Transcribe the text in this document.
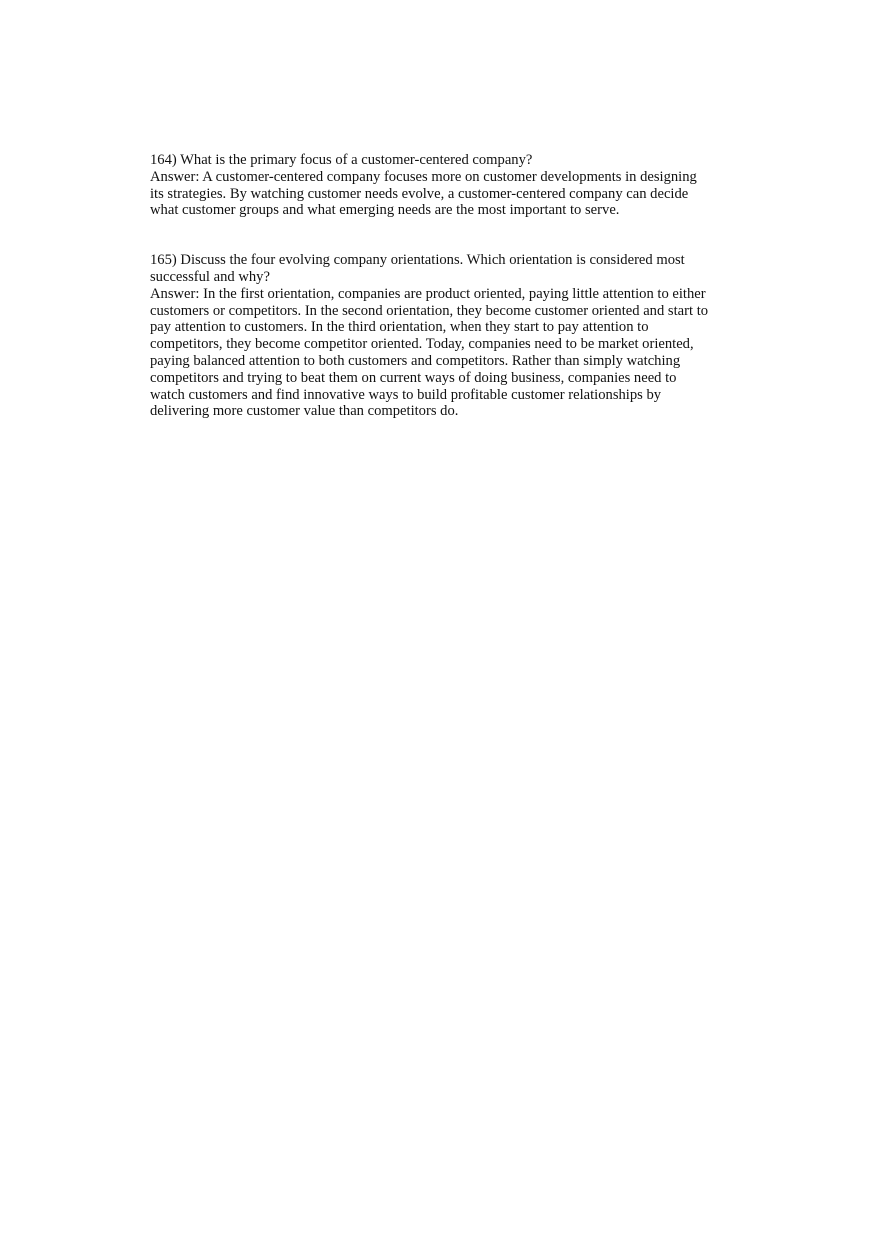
164) What is the primary focus of a customer-centered company?
Answer: A customer-centered company focuses more on customer developments in designing
its strategies. By watching customer needs evolve, a customer-centered company can decide
what customer groups and what emerging needs are the most important to serve.
165) Discuss the four evolving company orientations. Which orientation is considered most
successful and why?
Answer: In the first orientation, companies are product oriented, paying little attention to either
customers or competitors. In the second orientation, they become customer oriented and start to
pay attention to customers. In the third orientation, when they start to pay attention to
competitors, they become competitor oriented. Today, companies need to be market oriented,
paying balanced attention to both customers and competitors. Rather than simply watching
competitors and trying to beat them on current ways of doing business, companies need to
watch customers and find innovative ways to build profitable customer relationships by
delivering more customer value than competitors do.
